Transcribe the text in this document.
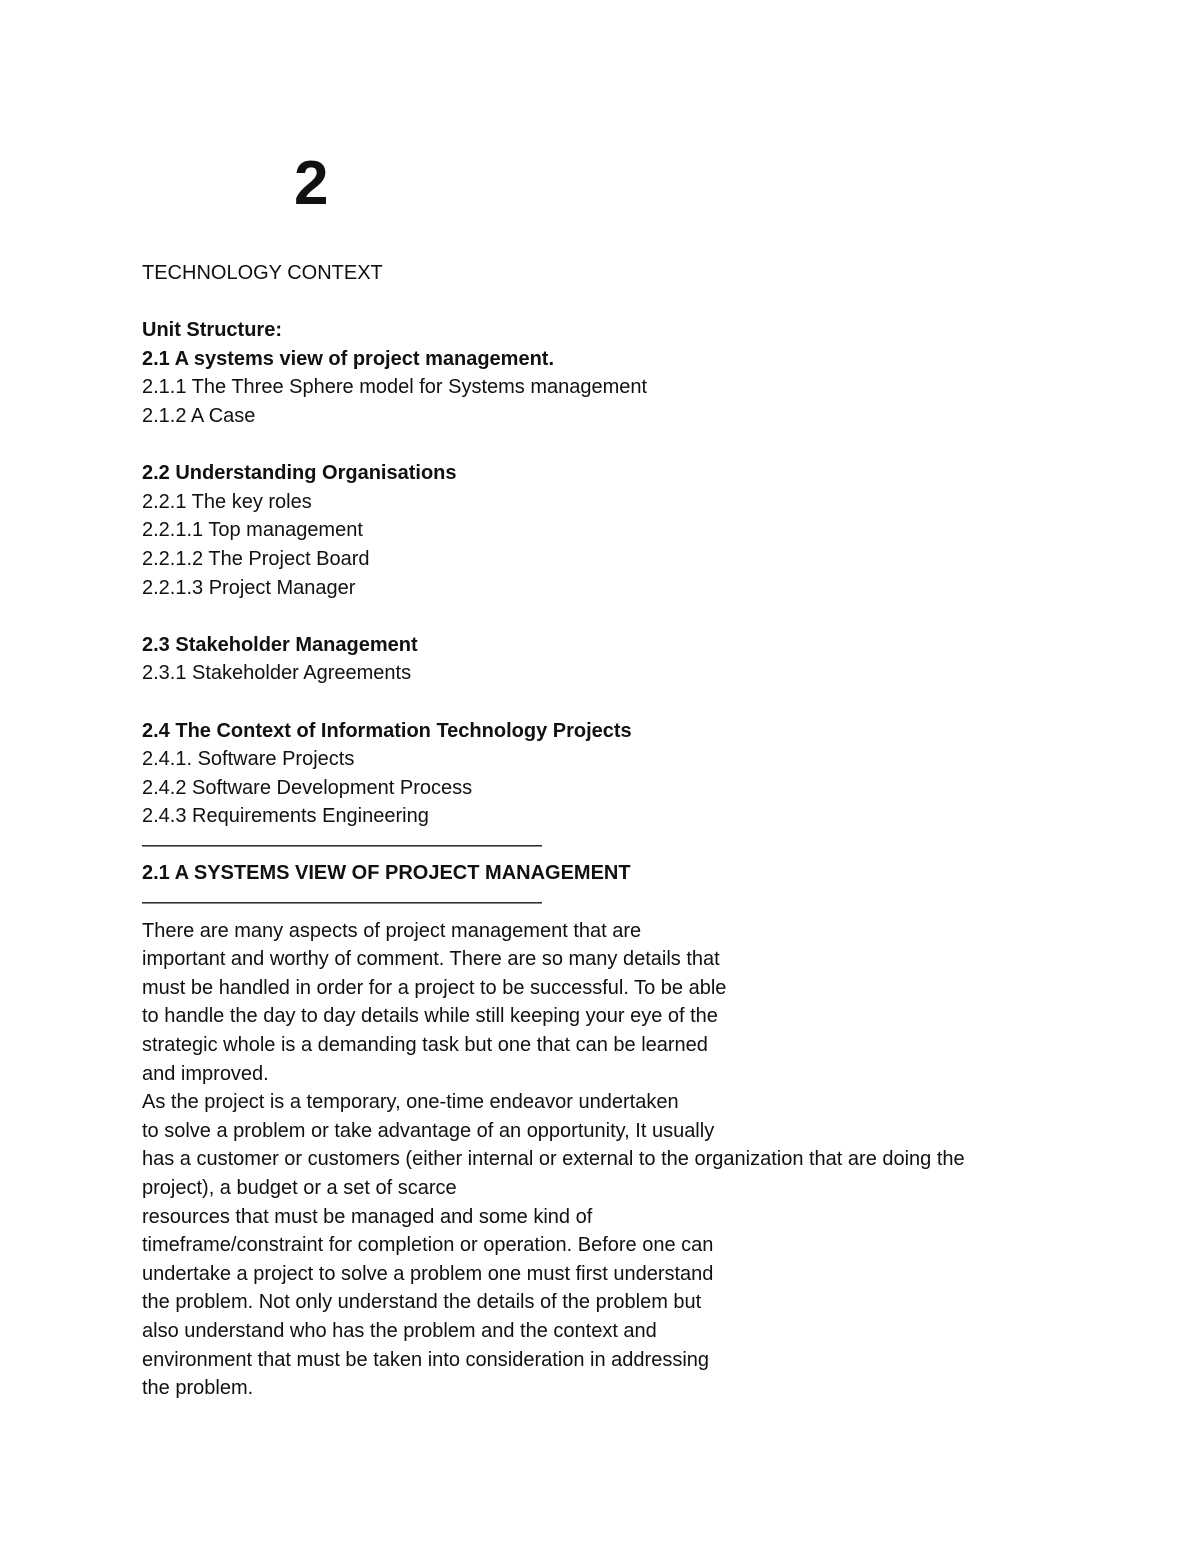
2
TECHNOLOGY CONTEXT
Unit Structure:
2.1 A systems view of project management.
2.1.1 The Three Sphere model for Systems management
2.1.2 A Case
2.2 Understanding Organisations
2.2.1 The key roles
2.2.1.1 Top management
2.2.1.2 The Project Board
2.2.1.3 Project Manager
2.3 Stakeholder Management
2.3.1 Stakeholder Agreements
2.4 The Context of Information Technology Projects
2.4.1. Software Projects
2.4.2 Software Development Process
2.4.3 Requirements Engineering
————————————————————
2.1 A SYSTEMS VIEW OF PROJECT MANAGEMENT
————————————————————
There are many aspects of project management that are
important and worthy of comment. There are so many details that
must be handled in order for a project to be successful. To be able
to handle the day to day details while still keeping your eye of the
strategic whole is a demanding task but one that can be learned
and improved.
As the project is a temporary, one-time endeavor undertaken
to solve a problem or take advantage of an opportunity, It usually
has a customer or customers (either internal or external to the organization that are doing the
project), a budget or a set of scarce
resources that must be managed and some kind of
timeframe/constraint for completion or operation. Before one can
undertake a project to solve a problem one must first understand
the problem. Not only understand the details of the problem but
also understand who has the problem and the context and
environment that must be taken into consideration in addressing
the problem.
